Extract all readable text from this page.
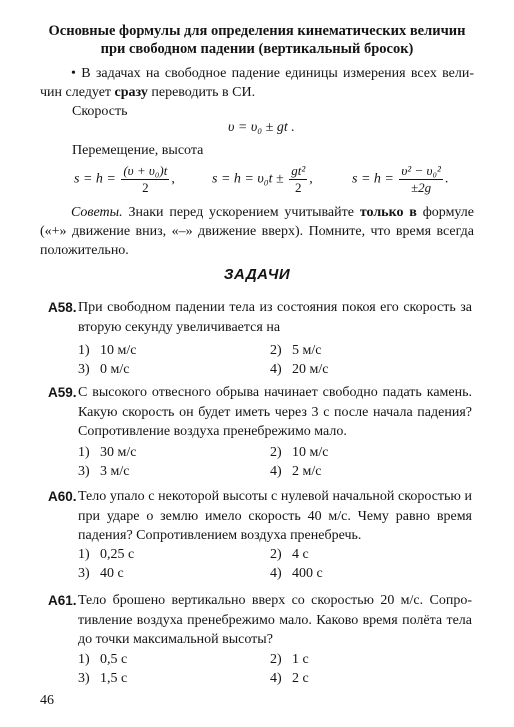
Основные формулы для определения кинематических величин
при свободном падении (вертикальный бросок)

• В задачах на свободное падение единицы измерения всех вели-чин следует сразу переводить в СИ.

Скорость

υ = υ₀ ± gt .

Перемещение, высота

$s = h = \frac{\text{(υ + υ₀)t}}{2}$ ,	$s = h = \upsilon_0t \pm \frac{\text{gt²}}{2}$ ,	$s = h = \frac{\text{υ² − υ₀²}}{\pm 2g}$ .

Советы. Знаки перед ускорением учитывайте только в формуле («+» движение вниз, «–» движение вверх). Помните, что время всегда положительно.

ЗАДАЧИ
А58. При свободном падении тела из состояния покоя его скорость за вторую секунду увеличивается на

1) 10 м/с	2) 5 м/с
3) 0 м/с	4) 20 м/с
А59. С высокого отвесного обрыва начинает свободно падать камень. Какую скорость он будет иметь через 3 с после начала падения? Сопротивление воздуха пренебрежимо мало.

1) 30 м/с	2) 10 м/с
3) 3 м/с	4) 2 м/с
А60. Тело упало с некоторой высоты с нулевой начальной скоростью и при ударе о землю имело скорость 40 м/с. Чему равно время падения? Сопротивлением воздуха пренебречь.

1) 0,25 с	2) 4 с
3) 40 с	4) 400 с
А61. Тело брошено вертикально вверх со скоростью 20 м/с. Сопро-тивление воздуха пренебрежимо мало. Каково время полёта тела до точки максимальной высоты?

1) 0,5 с	2) 1 с
3) 1,5 с	4) 2 с
46
